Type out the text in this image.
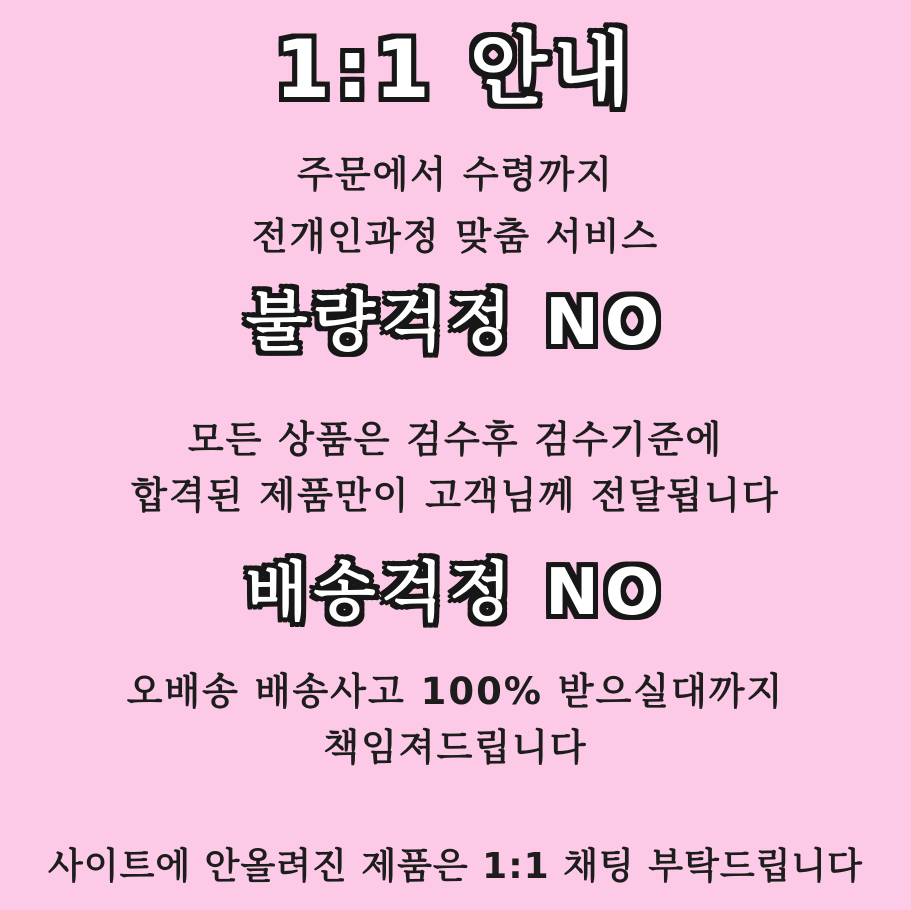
1:1 안내
주문에서 수령까지
전개인과정 맞춤 서비스
불량걱정 NO
모든 상품은 검수후 검수기준에
합격된 제품만이 고객님께 전달됩니다
배송걱정 NO
오배송 배송사고 100% 받으실대까지
책임져드립니다
사이트에 안올려진 제품은 1:1 채팅 부탁드립니다
